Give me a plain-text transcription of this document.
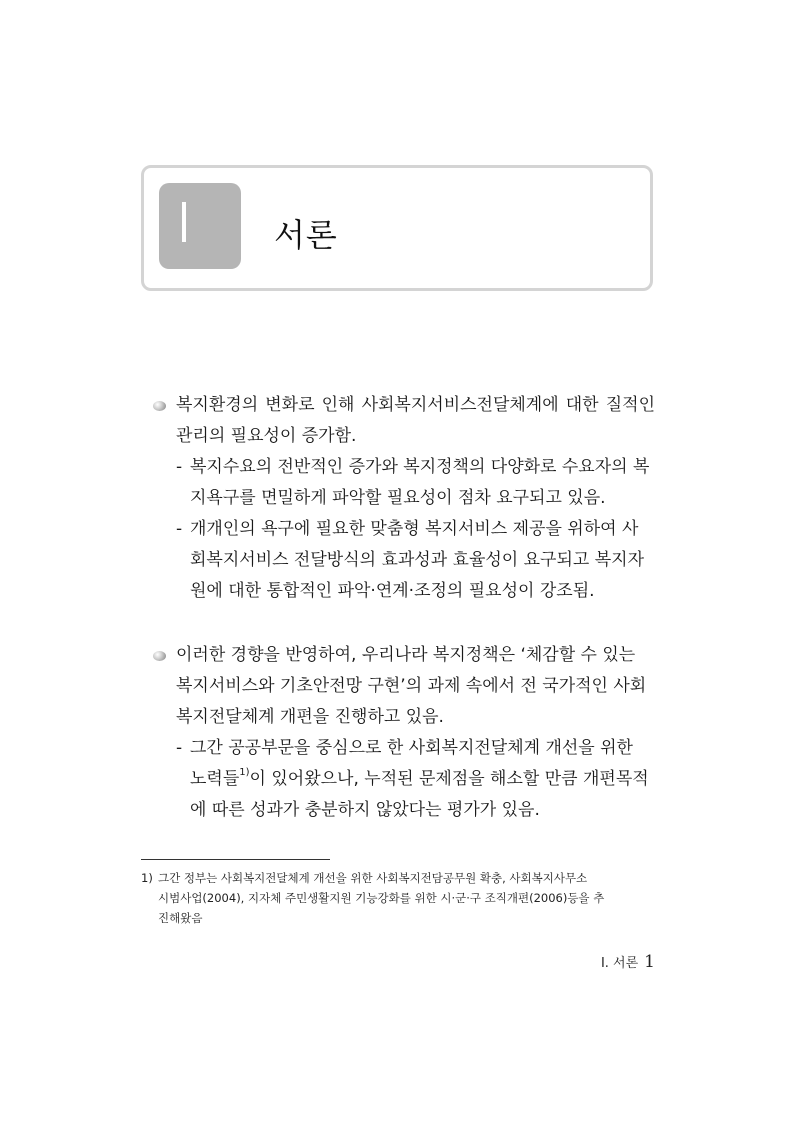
서론
복지환경의 변화로 인해 사회복지서비스전달체계에 대한 질적인
관리의 필요성이 증가함.
- 복지수요의 전반적인 증가와 복지정책의 다양화로 수요자의 복
지욕구를 면밀하게 파악할 필요성이 점차 요구되고 있음.
- 개개인의 욕구에 필요한 맞춤형 복지서비스 제공을 위하여 사
회복지서비스 전달방식의 효과성과 효율성이 요구되고 복지자
원에 대한 통합적인 파악·연계·조정의 필요성이 강조됨.
이러한 경향을 반영하여, 우리나라 복지정책은 ‘체감할 수 있는
복지서비스와 기초안전망 구현’의 과제 속에서 전 국가적인 사회
복지전달체계 개편을 진행하고 있음.
- 그간 공공부문을 중심으로 한 사회복지전달체계 개선을 위한
노력들$^{1)}$이 있어왔으나, 누적된 문제점을 해소할 만큼 개편목적
에 따른 성과가 충분하지 않았다는 평가가 있음.
1) 그간 정부는 사회복지전달체계 개선을 위한 사회복지전담공무원 확충, 사회복지사무소
시범사업(2004), 지자체 주민생활지원 기능강화를 위한 시·군·구 조직개편(2006)등을 추
진해왔음
Ⅰ. 서론 1
